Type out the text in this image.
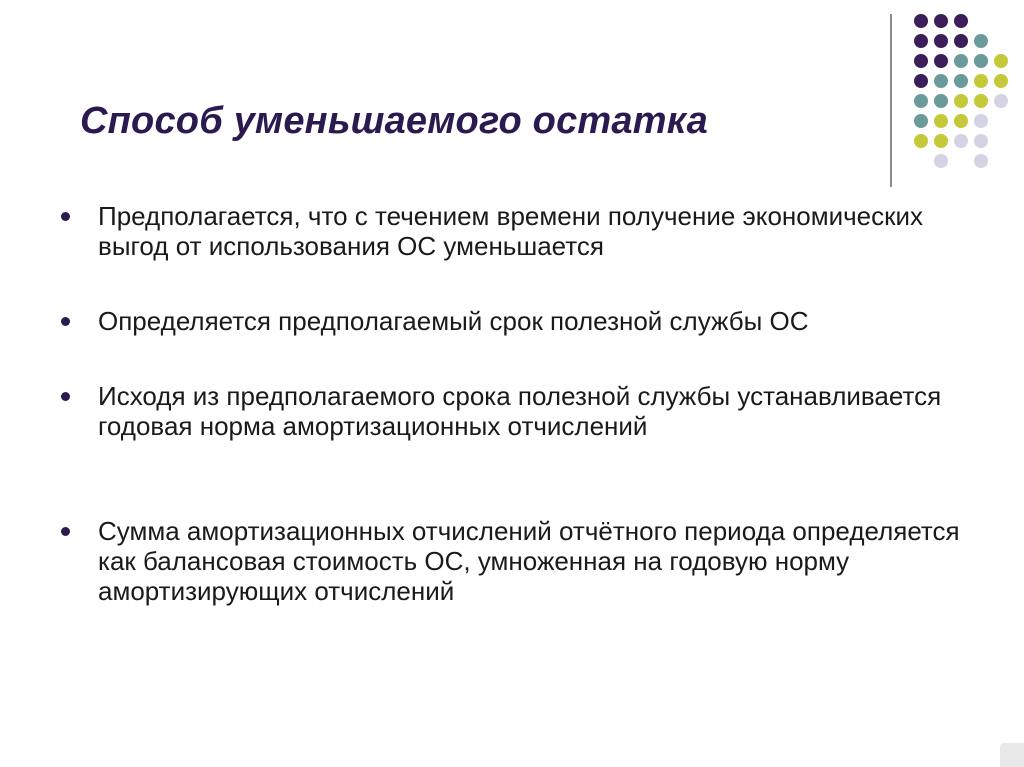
Способ уменьшаемого остатка

Предполагается, что с течением времени получение экономических выгод от использования ОС уменьшается

Определяется предполагаемый срок полезной службы ОС

Исходя из предполагаемого срока полезной службы устанавливается годовая норма амортизационных отчислений

Сумма амортизационных отчислений отчётного периода определяется как балансовая стоимость ОС, умноженная на годовую норму амортизирующих отчислений
